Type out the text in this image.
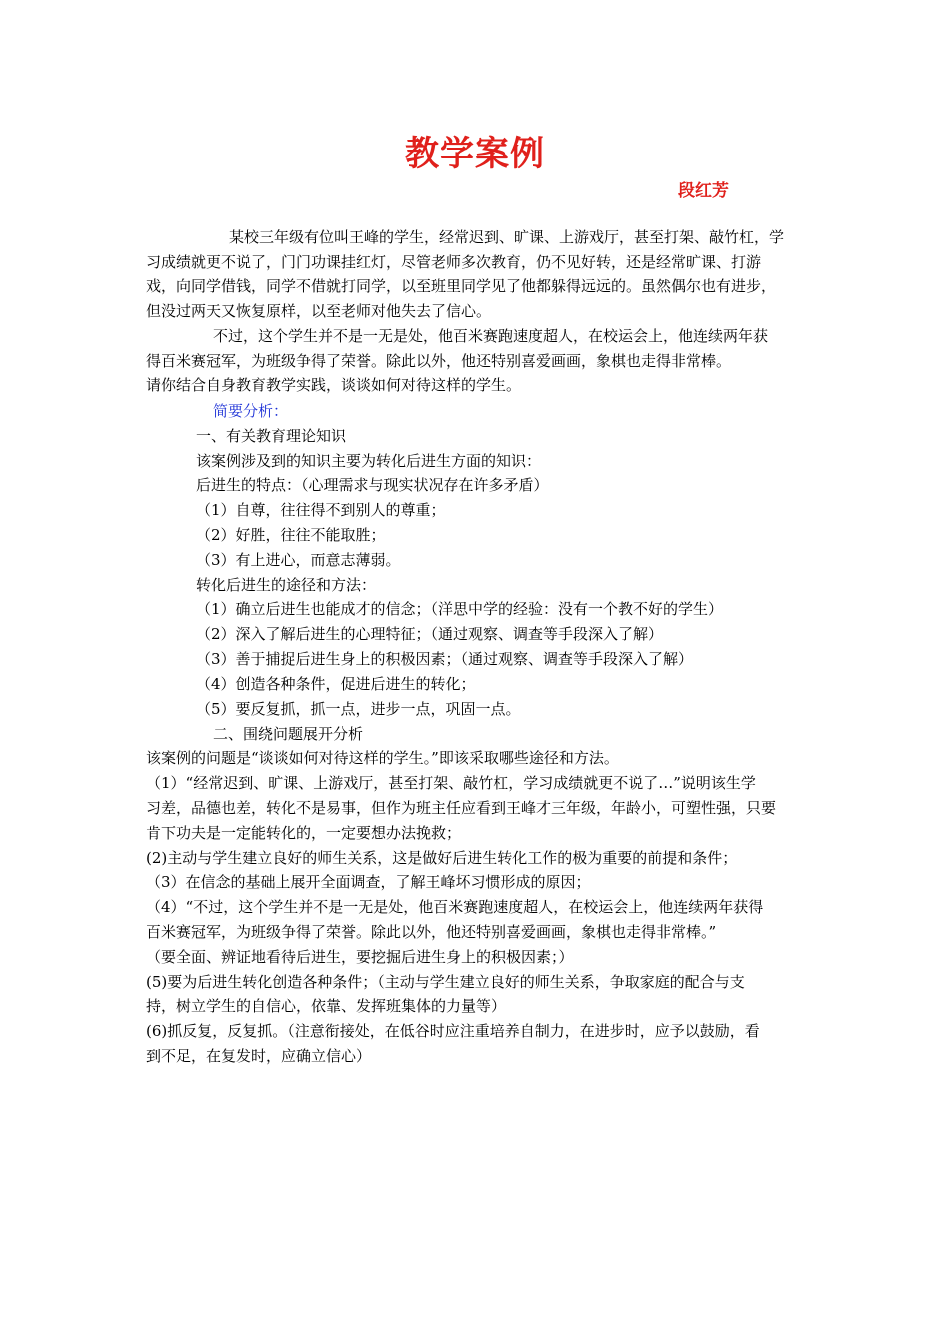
教学案例
段红芳
某校三年级有位叫王峰的学生，经常迟到、旷课、上游戏厅，甚至打架、敲竹杠，学
习成绩就更不说了，门门功课挂红灯，尽管老师多次教育，仍不见好转，还是经常旷课、打游
戏，向同学借钱，同学不借就打同学，以至班里同学见了他都躲得远远的。虽然偶尔也有进步，
但没过两天又恢复原样，以至老师对他失去了信心。
不过，这个学生并不是一无是处，他百米赛跑速度超人，在校运会上，他连续两年获
得百米赛冠军，为班级争得了荣誉。除此以外，他还特别喜爱画画，象棋也走得非常棒。
请你结合自身教育教学实践，谈谈如何对待这样的学生。
简要分析：
一、有关教育理论知识
该案例涉及到的知识主要为转化后进生方面的知识：
后进生的特点：（心理需求与现实状况存在许多矛盾）
（1）自尊，往往得不到别人的尊重；
（2）好胜，往往不能取胜；
（3）有上进心，而意志薄弱。
转化后进生的途径和方法：
（1）确立后进生也能成才的信念；（洋思中学的经验：没有一个教不好的学生）
（2）深入了解后进生的心理特征；（通过观察、调查等手段深入了解）
（3）善于捕捉后进生身上的积极因素；（通过观察、调查等手段深入了解）
（4）创造各种条件，促进后进生的转化；
（5）要反复抓，抓一点，进步一点，巩固一点。
二、围绕问题展开分析
该案例的问题是“谈谈如何对待这样的学生。”即该采取哪些途径和方法。
（1）“经常迟到、旷课、上游戏厅，甚至打架、敲竹杠，学习成绩就更不说了…”说明该生学
习差，品德也差，转化不是易事，但作为班主任应看到王峰才三年级，年龄小，可塑性强，只要
肯下功夫是一定能转化的，一定要想办法挽救；
(2)主动与学生建立良好的师生关系，这是做好后进生转化工作的极为重要的前提和条件；
（3）在信念的基础上展开全面调查，了解王峰坏习惯形成的原因；
（4）“不过，这个学生并不是一无是处，他百米赛跑速度超人，在校运会上，他连续两年获得
百米赛冠军，为班级争得了荣誉。除此以外，他还特别喜爱画画，象棋也走得非常棒。”
（要全面、辨证地看待后进生，要挖掘后进生身上的积极因素；）
(5)要为后进生转化创造各种条件；（主动与学生建立良好的师生关系，争取家庭的配合与支
持，树立学生的自信心，依靠、发挥班集体的力量等）
(6)抓反复，反复抓。（注意衔接处，在低谷时应注重培养自制力，在进步时，应予以鼓励，看
到不足，在复发时，应确立信心）
